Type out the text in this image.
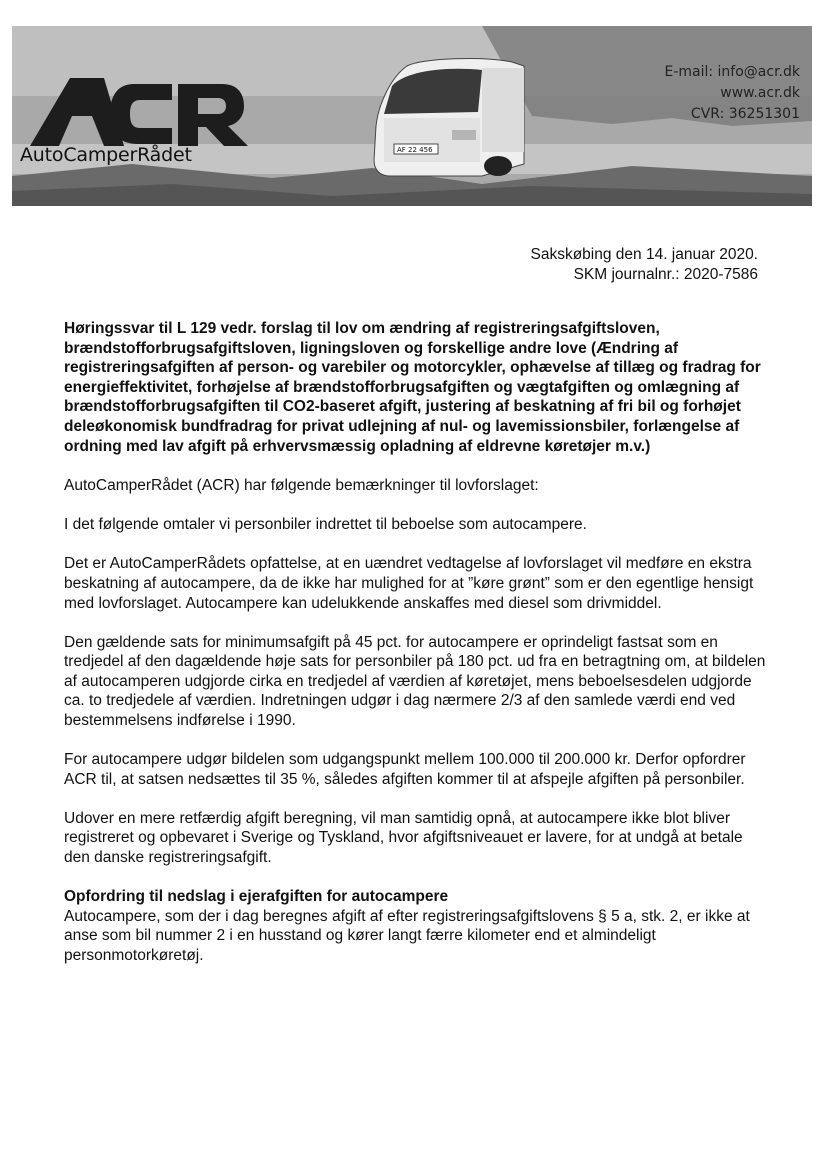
AF 22 456
AutoCamperRådet
E-mail: info@acr.dk
www.acr.dk
CVR: 36251301
Sakskøbing den 14. januar 2020.
SKM journalnr.: 2020-7586

Høringssvar til L 129 vedr. forslag til lov om ændring af registreringsafgiftsloven, brændstofforbrugsafgiftsloven, ligningsloven og forskellige andre love (Ændring af registreringsafgiften af person- og varebiler og motorcykler, ophævelse af tillæg og fradrag for energieffektivitet, forhøjelse af brændstofforbrugsafgiften og vægtafgiften og omlægning af brændstofforbrugsafgiften til CO2-baseret afgift, justering af beskatning af fri bil og forhøjet deleøkonomisk bundfradrag for privat udlejning af nul- og lavemissionsbiler, forlængelse af ordning med lav afgift på erhvervsmæssig opladning af eldrevne køretøjer m.v.)

AutoCamperRådet (ACR) har følgende bemærkninger til lovforslaget:

I det følgende omtaler vi personbiler indrettet til beboelse som autocampere.

Det er AutoCamperRådets opfattelse, at en uændret vedtagelse af lovforslaget vil medføre en ekstra beskatning af autocampere, da de ikke har mulighed for at ”køre grønt” som er den egentlige hensigt med lovforslaget. Autocampere kan udelukkende anskaffes med diesel som drivmiddel.

Den gældende sats for minimumsafgift på 45 pct. for autocampere er oprindeligt fastsat som en tredjedel af den dagældende høje sats for personbiler på 180 pct. ud fra en betragtning om, at bildelen af autocamperen udgjorde cirka en tredjedel af værdien af køretøjet, mens beboelsesdelen udgjorde ca. to tredjedele af værdien. Indretningen udgør i dag nærmere 2/3 af den samlede værdi end ved bestemmelsens indførelse i 1990.

For autocampere udgør bildelen som udgangspunkt mellem 100.000 til 200.000 kr. Derfor opfordrer ACR til, at satsen nedsættes til 35 %, således afgiften kommer til at afspejle afgiften på personbiler.

Udover en mere retfærdig afgift beregning, vil man samtidig opnå, at autocampere ikke blot bliver registreret og opbevaret i Sverige og Tyskland, hvor afgiftsniveauet er lavere, for at undgå at betale den danske registreringsafgift.

Opfordring til nedslag i ejerafgiften for autocampere
Autocampere, som der i dag beregnes afgift af efter registreringsafgiftslovens § 5 a, stk. 2, er ikke at anse som bil nummer 2 i en husstand og kører langt færre kilometer end et almindeligt personmotorkøretøj.
